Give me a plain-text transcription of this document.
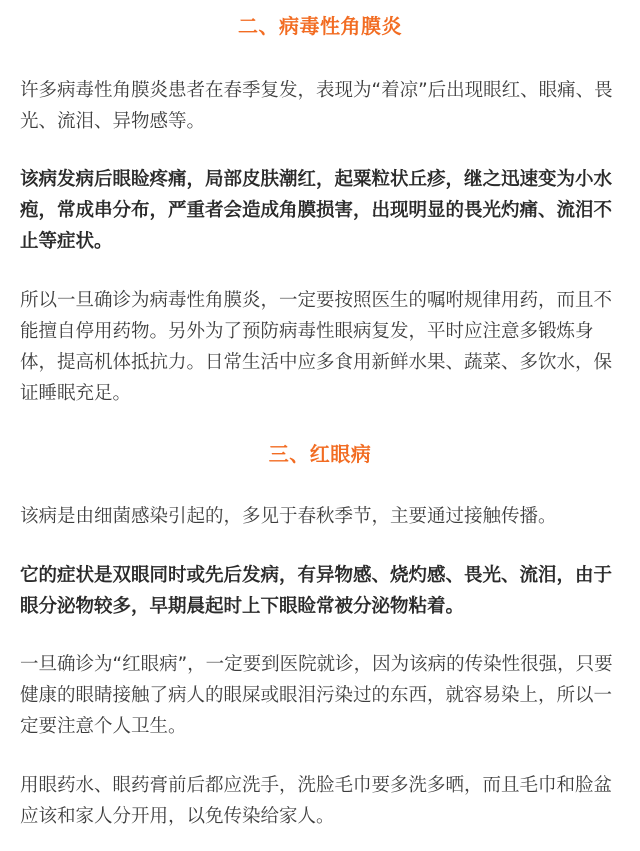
二、病毒性角膜炎

许多病毒性角膜炎患者在春季复发，表现为“着凉”后出现眼红、眼痛、畏光、流泪、异物感等。

该病发病后眼睑疼痛，局部皮肤潮红，起粟粒状丘疹，继之迅速变为小水疱，常成串分布，严重者会造成角膜损害，出现明显的畏光灼痛、流泪不止等症状。

所以一旦确诊为病毒性角膜炎，一定要按照医生的嘱咐规律用药，而且不能擅自停用药物。另外为了预防病毒性眼病复发，平时应注意多锻炼身体，提高机体抵抗力。日常生活中应多食用新鲜水果、蔬菜、多饮水，保证睡眠充足。

三、红眼病

该病是由细菌感染引起的，多见于春秋季节，主要通过接触传播。

它的症状是双眼同时或先后发病，有异物感、烧灼感、畏光、流泪，由于眼分泌物较多，早期晨起时上下眼睑常被分泌物粘着。

一旦确诊为“红眼病”，一定要到医院就诊，因为该病的传染性很强，只要健康的眼睛接触了病人的眼屎或眼泪污染过的东西，就容易染上，所以一定要注意个人卫生。

用眼药水、眼药膏前后都应洗手，洗脸毛巾要多洗多晒，而且毛巾和脸盆应该和家人分开用，以免传染给家人。
